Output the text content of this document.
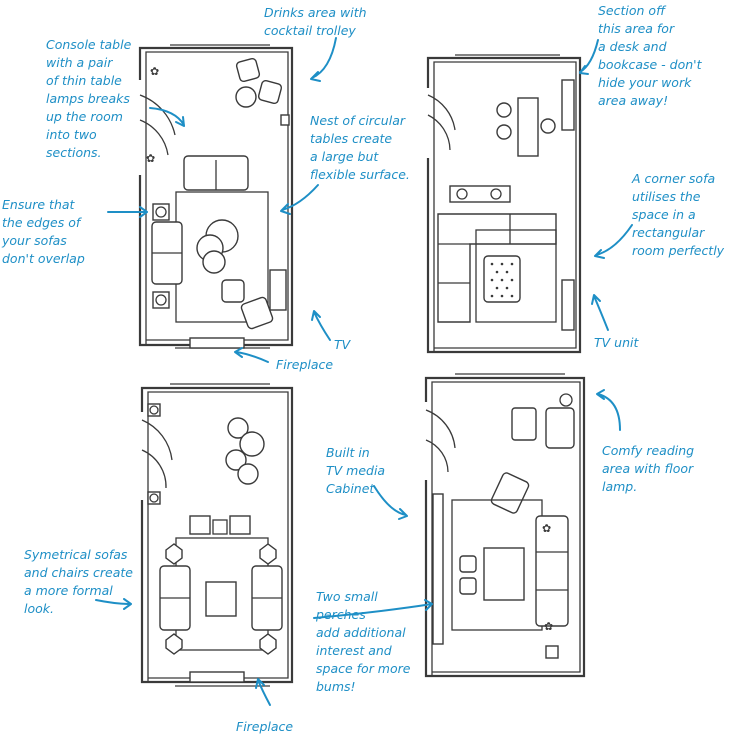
✿
✿
✿
✿
Console table
with a pair
of thin table
lamps breaks
up the room
into two
sections.
Drinks area with
cocktail trolley
Nest of circular
tables create
a large but
flexible surface.
Ensure that
the edges of
your sofas
don't overlap
TV
Fireplace
Section off
this area for
a desk and
bookcase - don't
hide your work
area away!
A corner sofa
utilises the
space in a
rectangular
room perfectly
TV unit
Built in
TV media
Cabinet
Comfy reading
area with floor
lamp.
Symetrical sofas
and chairs create
a more formal
look.
Two small
perches
add additional
interest and
space for more
bums!
Fireplace
